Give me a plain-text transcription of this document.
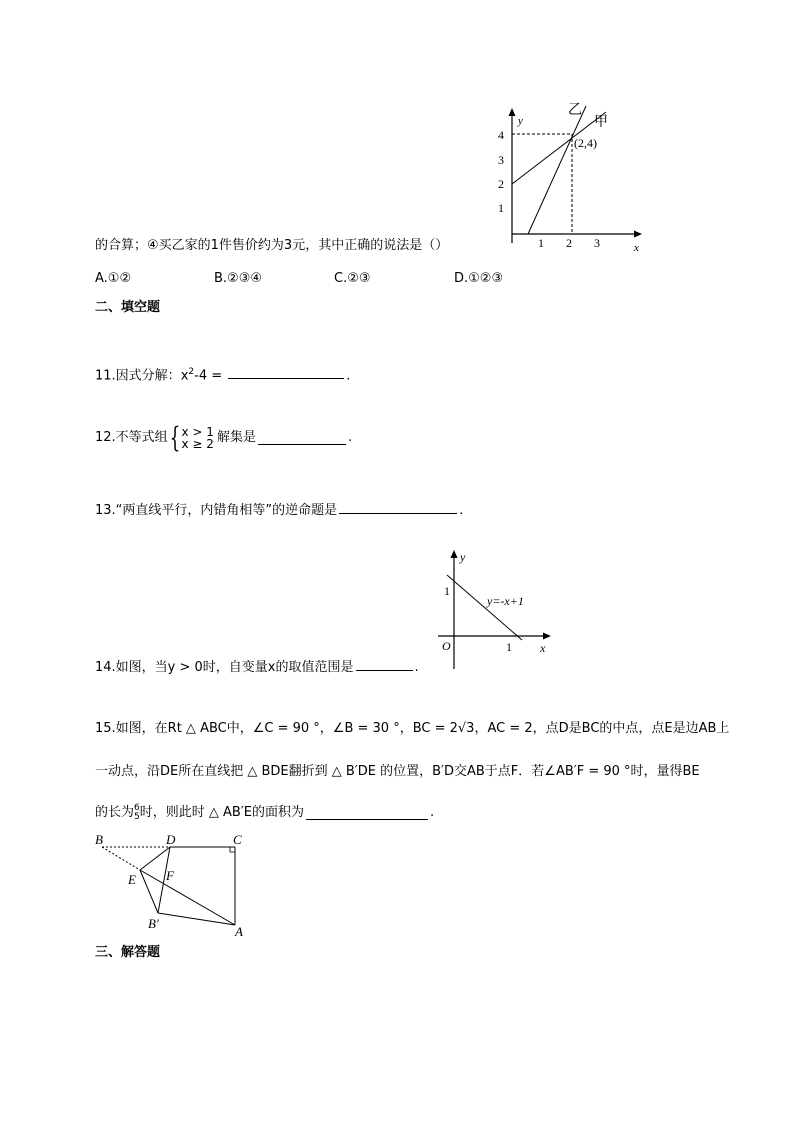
y
x
4
3
2
1
1 2 3
乙
甲
(2,4)
的合算；④买乙家的1件售价约为3元，其中正确的说法是（）
A.①②	B.②③④	C.②③	D.①②③
二、填空题
11.因式分解：$x^2-4$ =	.
12.不等式组 { x > 1
x ≥ 2 解集是	.
13.“两直线平行，内错角相等”的逆命题是	.
y
x
O
1
1
y=-x+1
14.如图，当y > 0时，自变量x的取值范围是	.
15.如图，在Rt △ ABC中，∠C = 90 °，∠B = 30 °，BC = 2√3，AC = 2，点D是BC的中点，点E是边AB上
一动点，沿DE所在直线把 △ BDE翻折到 △ B′DE 的位置，B′D交AB于点F．若∠AB′F = 90 °时，量得BE
的长为 6
5 时，则此时 △ AB′E的面积为	.
B	D	C
E F
B′
A
三、解答题
